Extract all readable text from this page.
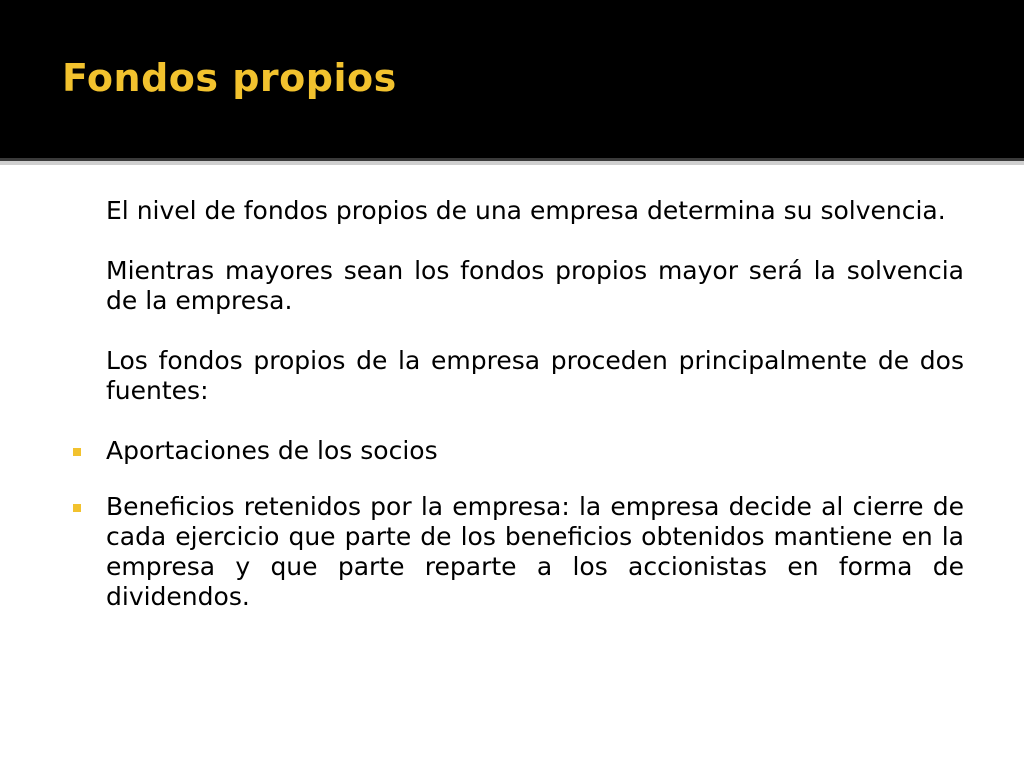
Fondos propios

El nivel de fondos propios de una empresa determina su solvencia.

Mientras mayores sean los fondos propios mayor será la solvencia de la empresa.

Los fondos propios de la empresa proceden principalmente de dos fuentes:

Aportaciones de los socios
Beneficios retenidos por la empresa: la empresa decide al cierre de cada ejercicio que parte de los beneficios obtenidos mantiene en la empresa y que parte reparte a los accionistas en forma de dividendos.
